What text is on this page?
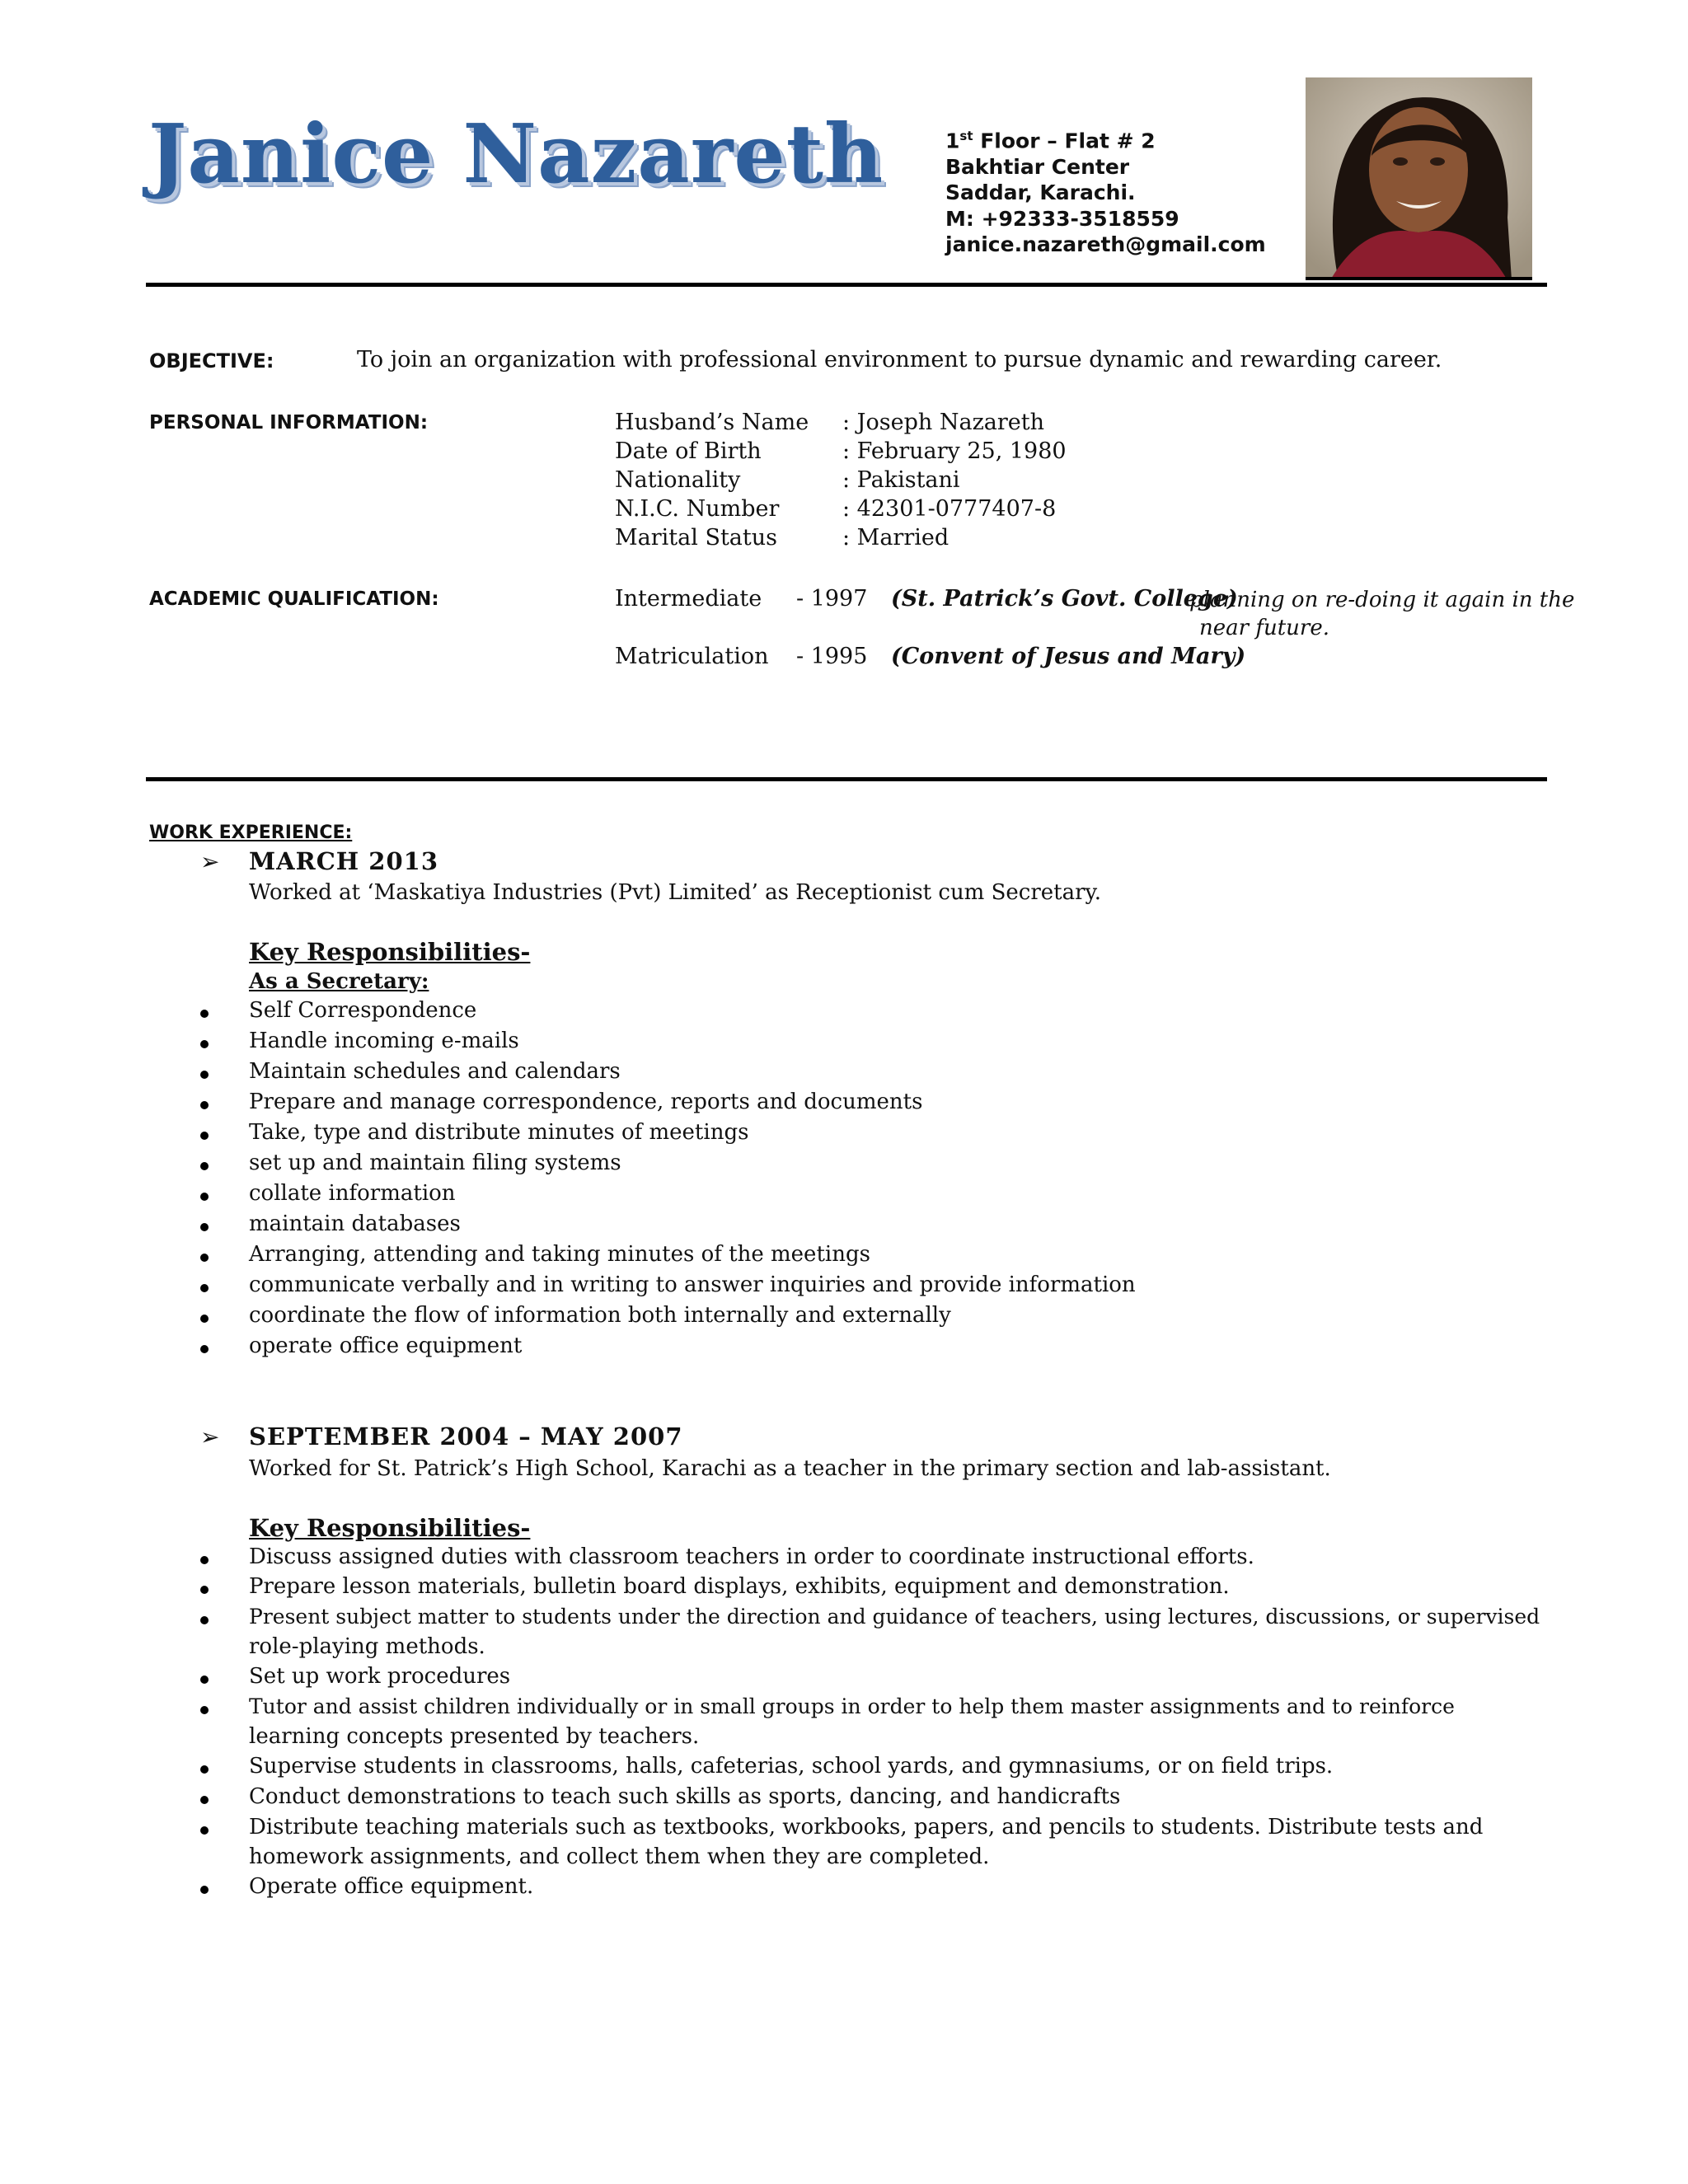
Janice Nazareth	1st Floor – Flat # 2
Bakhtiar Center
Saddar, Karachi.
M: +92333-3518559
janice.nazareth@gmail.com
OBJECTIVE:	To join an organization with professional environment to pursue dynamic and rewarding career.
PERSONAL INFORMATION:	Husband’s Name	: Joseph Nazareth
Date of Birth	: February 25, 1980
Nationality	: Pakistani
N.I.C. Number	: 42301-0777407-8
Marital Status	: Married
ACADEMIC QUALIFICATION:	Intermediate - 1997 (St. Patrick’s Govt. College)
planning on re-doing it again in the
near future.
Matriculation - 1995 (Convent of Jesus and Mary)
WORK EXPERIENCE:
➢ MARCH 2013
Worked at ‘Maskatiya Industries (Pvt) Limited’ as Receptionist cum Secretary.
Key Responsibilities-
As a Secretary:
Self Correspondence
Handle incoming e-mails
Maintain schedules and calendars
Prepare and manage correspondence, reports and documents
Take, type and distribute minutes of meetings
set up and maintain filing systems
collate information
maintain databases
Arranging, attending and taking minutes of the meetings
communicate verbally and in writing to answer inquiries and provide information
coordinate the flow of information both internally and externally
operate office equipment
➢ SEPTEMBER 2004 – MAY 2007
Worked for St. Patrick’s High School, Karachi as a teacher in the primary section and lab-assistant.
Key Responsibilities-
Discuss assigned duties with classroom teachers in order to coordinate instructional efforts.
Prepare lesson materials, bulletin board displays, exhibits, equipment and demonstration.
Present subject matter to students under the direction and guidance of teachers, using lectures, discussions, or supervised
role-playing methods.
Set up work procedures
Tutor and assist children individually or in small groups in order to help them master assignments and to reinforce
learning concepts presented by teachers.
Supervise students in classrooms, halls, cafeterias, school yards, and gymnasiums, or on field trips.
Conduct demonstrations to teach such skills as sports, dancing, and handicrafts
Distribute teaching materials such as textbooks, workbooks, papers, and pencils to students. Distribute tests and
homework assignments, and collect them when they are completed.
Operate office equipment.
